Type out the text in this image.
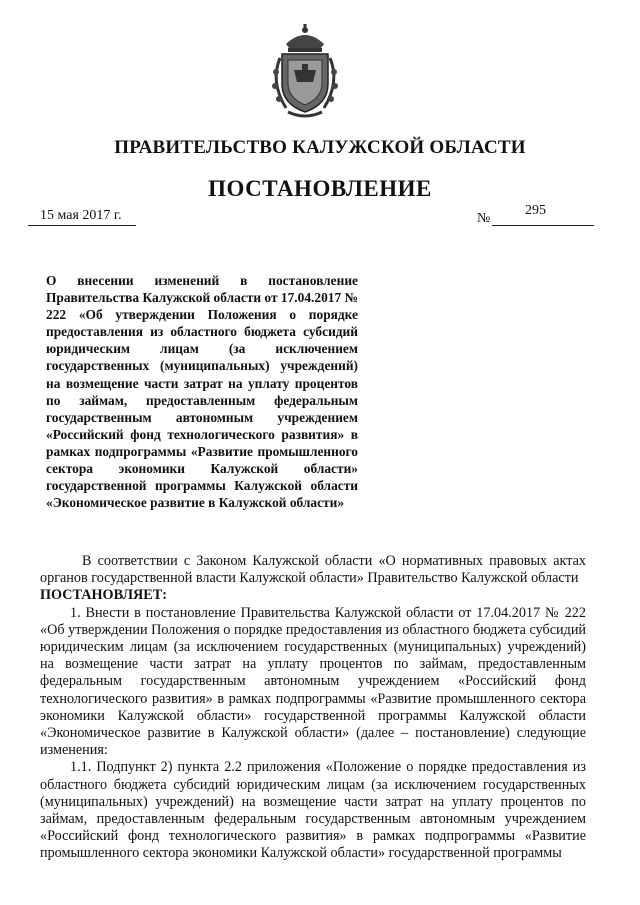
ПРАВИТЕЛЬСТВО КАЛУЖСКОЙ ОБЛАСТИ
ПОСТАНОВЛЕНИЕ
15 мая 2017 г.	№
295
О внесении изменений в постановление Правительства Калужской области от 17.04.2017 № 222 «Об утверждении Положения о порядке предоставления из областного бюджета субсидий юридическим лицам (за исключением государственных (муниципальных) учреждений) на возмещение части затрат на уплату процентов по займам, предоставленным федеральным государственным автономным учреждением «Российский фонд технологического развития» в рамках подпрограммы «Развитие промышленного сектора экономики Калужской области» государственной программы Калужской области «Экономическое развитие в Калужской области»

В соответствии с Законом Калужской области «О нормативных правовых актах органов государственной власти Калужской области» Правительство Калужской области

ПОСТАНОВЛЯЕТ:

1. Внести в постановление Правительства Калужской области от 17.04.2017 № 222 «Об утверждении Положения о порядке предоставления из областного бюджета субсидий юридическим лицам (за исключением государственных (муниципальных) учреждений) на возмещение части затрат на уплату процентов по займам, предоставленным федеральным государственным автономным учреждением «Российский фонд технологического развития» в рамках подпрограммы «Развитие промышленного сектора экономики Калужской области» государственной программы Калужской области «Экономическое развитие в Калужской области» (далее – постановление) следующие изменения:

1.1. Подпункт 2) пункта 2.2 приложения «Положение о порядке предоставления из областного бюджета субсидий юридическим лицам (за исключением государственных (муниципальных) учреждений) на возмещение части затрат на уплату процентов по займам, предоставленным федеральным государственным автономным учреждением «Российский фонд технологического развития» в рамках подпрограммы «Развитие промышленного сектора экономики Калужской области» государственной программы
